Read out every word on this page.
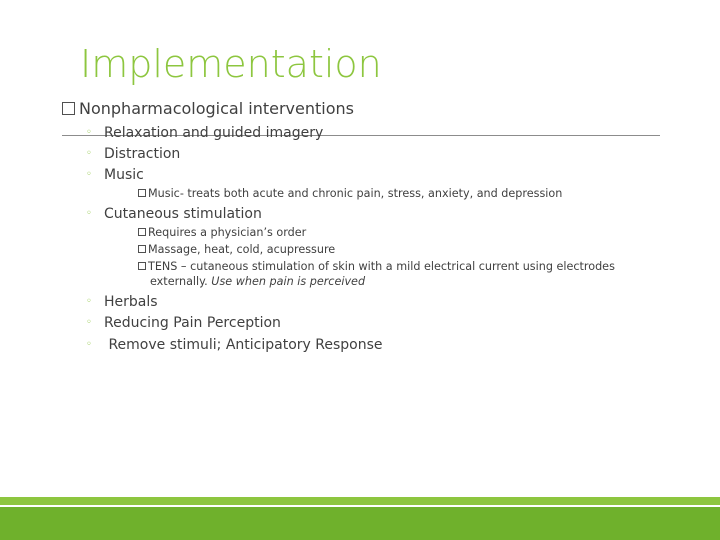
Implementation
Nonpharmacological interventions
◦ Relaxation and guided imagery
◦ Distraction
◦ Music
Music- treats both acute and chronic pain, stress, anxiety, and depression
◦ Cutaneous stimulation
Requires a physician’s order
Massage, heat, cold, acupressure
TENS – cutaneous stimulation of skin with a mild electrical current using electrodes
externally. Use when pain is perceived
◦ Herbals
◦ Reducing Pain Perception
◦ Remove stimuli; Anticipatory Response
